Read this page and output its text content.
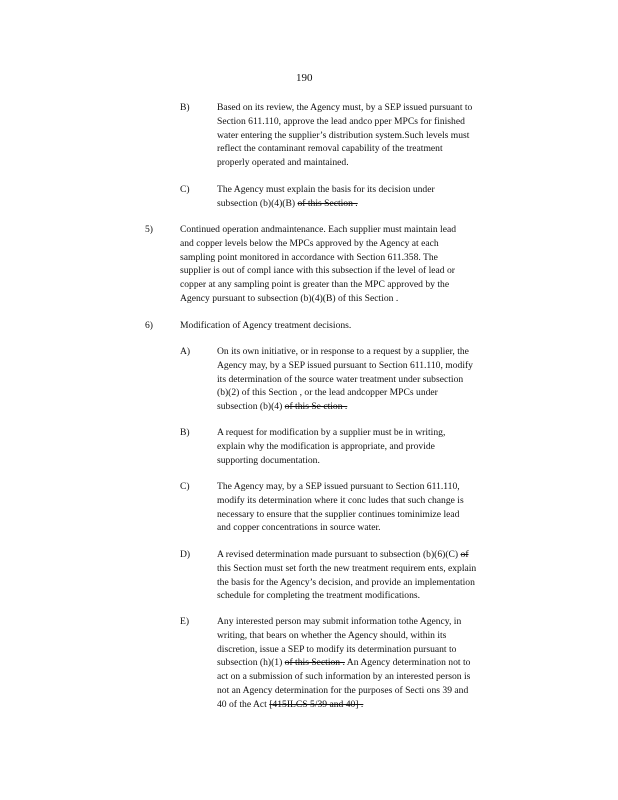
190
B)	Based on its review, the Agency must, by a SEP issued pursuant to
Section 611.110, approve the lead andco pper MPCs for finished
water entering the supplier’s distribution system.Such levels must
reflect the contaminant removal capability of the treatment
properly operated and maintained.
C)	The Agency must explain the basis for its decision under
subsection (b)(4)(B) of this Section .
5)	Continued operation andmaintenance. Each supplier must maintain lead
and copper levels below the MPCs approved by the Agency at each
sampling point monitored in accordance with Section 611.358. The
supplier is out of compl iance with this subsection if the level of lead or
copper at any sampling point is greater than the MPC approved by the
Agency pursuant to subsection (b)(4)(B) of this Section .
6)	Modification of Agency treatment decisions.
A)	On its own initiative, or in response to a request by a supplier, the
Agency may, by a SEP issued pursuant to Section 611.110, modify
its determination of the source water treatment under subsection
(b)(2) of this Section , or the lead andcopper MPCs under
subsection (b)(4) of this Se ction .
B)	A request for modification by a supplier must be in writing,
explain why the modification is appropriate, and provide
supporting documentation.
C)	The Agency may, by a SEP issued pursuant to Section 611.110,
modify its determination where it conc ludes that such change is
necessary to ensure that the supplier continues tominimize lead
and copper concentrations in source water.
D)	A revised determination made pursuant to subsection (b)(6)(C) of
this Section must set forth the new treatment requirem ents, explain
the basis for the Agency’s decision, and provide an implementation
schedule for completing the treatment modifications.
E)	Any interested person may submit information tothe Agency, in
writing, that bears on whether the Agency should, within its
discretion, issue a SEP to modify its determination pursuant to
subsection (h)(1) of this Section . An Agency determination not to
act on a submission of such information by an interested person is
not an Agency determination for the purposes of Secti ons 39 and
40 of the Act [415ILCS 5/39 and 40] .
